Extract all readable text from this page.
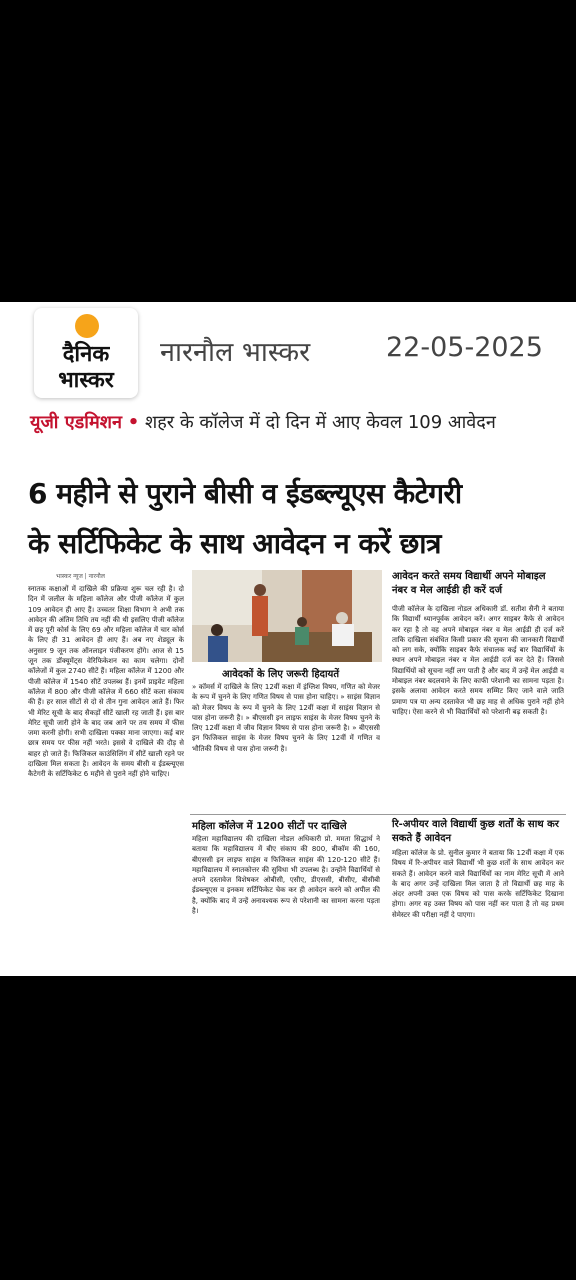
दैनिक
भास्कर
नारनौल भास्कर	22-05-2025
यूजी एडमिशन • शहर के कॉलेज में दो दिन में आए केवल 109 आवेदन
6 महीने से पुराने बीसी व ईडब्ल्यूएस कैटेगरी
के सर्टिफिकेट के साथ आवेदन न करें छात्र
भास्कर न्यूज | नारनौल
स्नातक कक्षाओं में दाखिले की प्रक्रिया शुरू चल रही है। दो दिन में जलील के महिला कॉलेज और पीजी कॉलेज में कुल 109 आवेदन ही आए हैं। उच्चतर शिक्षा विभाग ने अभी तक आवेदन की अंतिम तिथि तय नहीं की थी इसलिए पीजी कॉलेज में छह पूरी कोर्स के लिए 69 और महिला कॉलेज में चार कोर्स के लिए ही 31 आवेदन ही आए हैं। अब नए शेड्यूल के अनुसार 9 जून तक ऑनलाइन पंजीकरण होंगे। आज से 15 जून तक डॉक्यूमेंट्स वेरिफिकेशन का काम चलेगा। दोनों कॉलेजों में कुल 2740 सीटें हैं। महिला कॉलेज में 1200 और पीजी कॉलेज में 1540 सीटें उपलब्ध हैं। इनमें प्राइवेट महिला कॉलेज में 800 और पीजी कॉलेज में 660 सीटें कला संकाय की हैं। हर साल सीटों से दो से तीन गुना आवेदन आते हैं। फिर भी मेरिट सूची के बाद सैकड़ों सीटें खाली रह जाती हैं। इस बार मेरिट सूची जारी होने के बाद जब आने पर तय समय में फीस जमा करनी होगी। सभी दाखिला पक्का माना जाएगा। कई बार छात्र समय पर फीस नहीं भरते। इससे वे दाखिले की दौड़ से बाहर हो जाते हैं। फिजिकल काउंसिलिंग में सीटें खाली रहने पर दाखिला मिल सकता है। आवेदन के समय बीसी व ईडब्ल्यूएस कैटेगरी के सर्टिफिकेट 6 महीने से पुराने नहीं होने चाहिए।
आवेदकों के लिए जरूरी हिदायतें
» कॉमर्स में दाखिले के लिए 12वीं कक्षा में इंग्लिश विषय, गणित को मेजर के रूप में चुनने के लिए गणित विषय से पास होना चाहिए। » साइंस विज्ञान को मेजर विषय के रूप में चुनने के लिए 12वीं कक्षा में साइंस विज्ञान से पास होना जरूरी है। » बीएससी इन लाइफ साइंस के मेजर विषय चुनने के लिए 12वीं कक्षा में जीव विज्ञान विषय से पास होना जरूरी है। » बीएससी इन फिजिकल साइंस के मेजर विषय चुनने के लिए 12वीं में गणित व भौतिकी विषय से पास होना जरूरी है।
आवेदन करते समय विद्यार्थी अपने मोबाइल नंबर व मेल आईडी ही करें दर्ज
पीजी कॉलेज के दाखिला नोडल अधिकारी डॉ. सतीश सैनी ने बताया कि विद्यार्थी ध्यानपूर्वक आवेदन करें। अगर साइबर कैफे से आवेदन कर रहा है तो वह अपने मोबाइल नंबर व मेल आईडी ही दर्ज करें ताकि दाखिला संबंधित किसी प्रकार की सूचना की जानकारी विद्यार्थी को लग सके, क्योंकि साइबर कैफे संचालक कई बार विद्यार्थियों के स्थान अपने मोबाइल नंबर व मेल आईडी दर्ज कर देते हैं। जिससे विद्यार्थियों को सूचना नहीं लग पाती है और बाद में उन्हें मेल आईडी व मोबाइल नंबर बदलवाने के लिए काफी परेशानी का सामना पड़ता है। इसके अलावा आवेदन करते समय सम्मिट किए जाने वाले जाति प्रमाण पत्र या अन्य दस्तावेज भी छह माह से अधिक पुराने नहीं होने चाहिए। ऐसा करने से भी विद्यार्थियों को परेशानी बढ़ सकती है।
महिला कॉलेज में 1200 सीटों पर दाखिले
महिला महाविद्यालय की दाखिला नोडल अधिकारी प्रो. ममता सिद्धार्थ ने बताया कि महाविद्यालय में बीए संकाय की 800, बीकॉम की 160, बीएससी इन लाइफ साइंस व फिजिकल साइंस की 120-120 सीटें हैं। महाविद्यालय में स्नातकोत्तर की सुविधा भी उपलब्ध है। उन्होंने विद्यार्थियों से अपने दस्तावेज विशेषकर ओबीसी, एसीए, डीएससी, बीसीए, बीसीबी ईडब्ल्यूएस व इनकम सर्टिफिकेट चेक कर ही आवेदन करने को अपील की है, क्योंकि बाद में उन्हें अनावश्यक रूप से परेशानी का सामना करना पड़ता है।
रि-अपीयर वाले विद्यार्थी कुछ शर्तों के साथ कर सकते हैं आवेदन
महिला कॉलेज के प्रो. सुनील कुमार ने बताया कि 12वीं कक्षा में एक विषय में रि-अपीयर वाले विद्यार्थी भी कुछ शर्तों के साथ आवेदन कर सकते हैं। आवेदन करने वाले विद्यार्थियों का नाम मेरिट सूची में आने के बाद अगर उन्हें दाखिला मिल जाता है तो विद्यार्थी छह माह के अंदर अपनी उक्त एक विषय को पास करके सर्टिफिकेट दिखाना होगा। अगर वह उक्त विषय को पास नहीं कर पाता है तो वह प्रथम सेमेस्टर की परीक्षा नहीं दे पाएगा।
